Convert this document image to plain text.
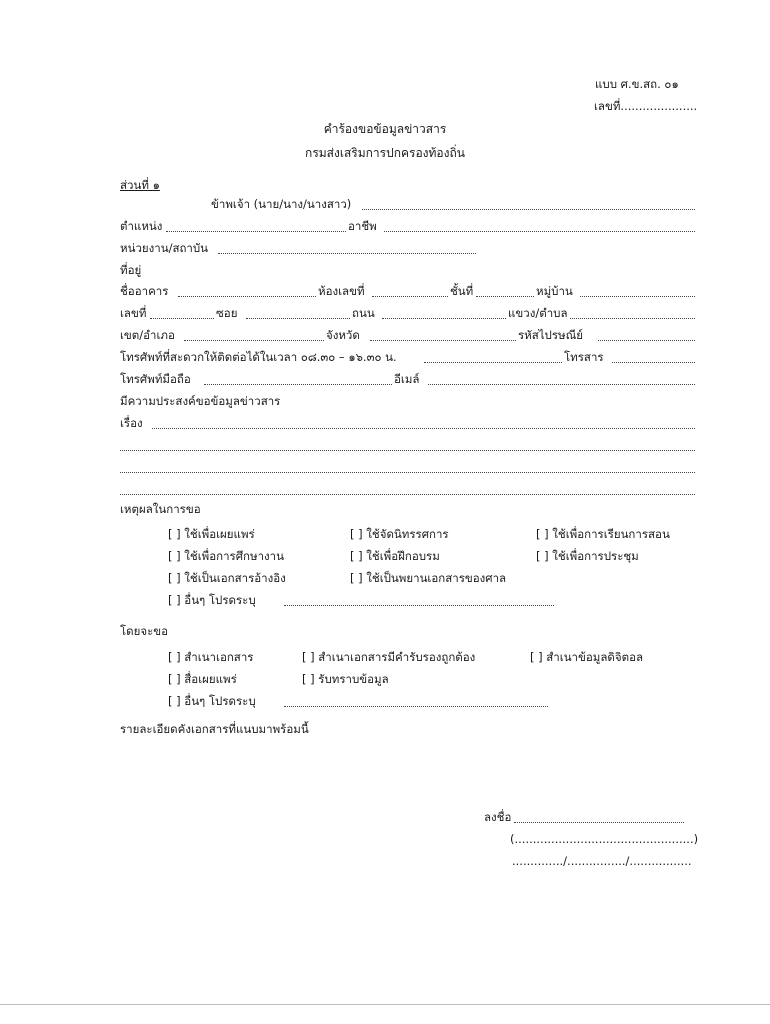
แบบ ศ.ข.สถ. ๐๑
เลขที่.....................
คำร้องขอข้อมูลข่าวสาร
กรมส่งเสริมการปกครองท้องถิ่น
ส่วนที่ ๑
ข้าพเจ้า (นาย/นาง/นางสาว)
ตำแหน่ง	อาชีพ
หน่วยงาน/สถาบัน
ที่อยู่
ชื่ออาคาร	ห้องเลขที่	ชั้นที่	หมู่บ้าน
เลขที่	ซอย	ถนน	แขวง/ตำบล
เขต/อำเภอ	จังหวัด	รหัสไปรษณีย์
โทรศัพท์ที่สะดวกให้ติดต่อได้ในเวลา ๐๘.๓๐ – ๑๖.๓๐ น.	โทรสาร
โทรศัพท์มือถือ	อีเมล์
มีความประสงค์ขอข้อมูลข่าวสาร
เรื่อง
เหตุผลในการขอ
[ ] ใช้เพื่อเผยแพร่	[ ] ใช้จัดนิทรรศการ	[ ] ใช้เพื่อการเรียนการสอน
[ ] ใช้เพื่อการศึกษางาน	[ ] ใช้เพื่อฝึกอบรม	[ ] ใช้เพื่อการประชุม
[ ] ใช้เป็นเอกสารอ้างอิง	[ ] ใช้เป็นพยานเอกสารของศาล
[ ] อื่นๆ โปรดระบุ
โดยจะขอ
[ ] สำเนาเอกสาร	[ ] สำเนาเอกสารมีคำรับรองถูกต้อง	[ ] สำเนาข้อมูลดิจิตอล
[ ] สื่อเผยแพร่	[ ] รับทราบข้อมูล
[ ] อื่นๆ โปรดระบุ
รายละเอียดคังเอกสารที่แนบมาพร้อมนี้
ลงชื่อ
(.................................................)
............../................/.................
